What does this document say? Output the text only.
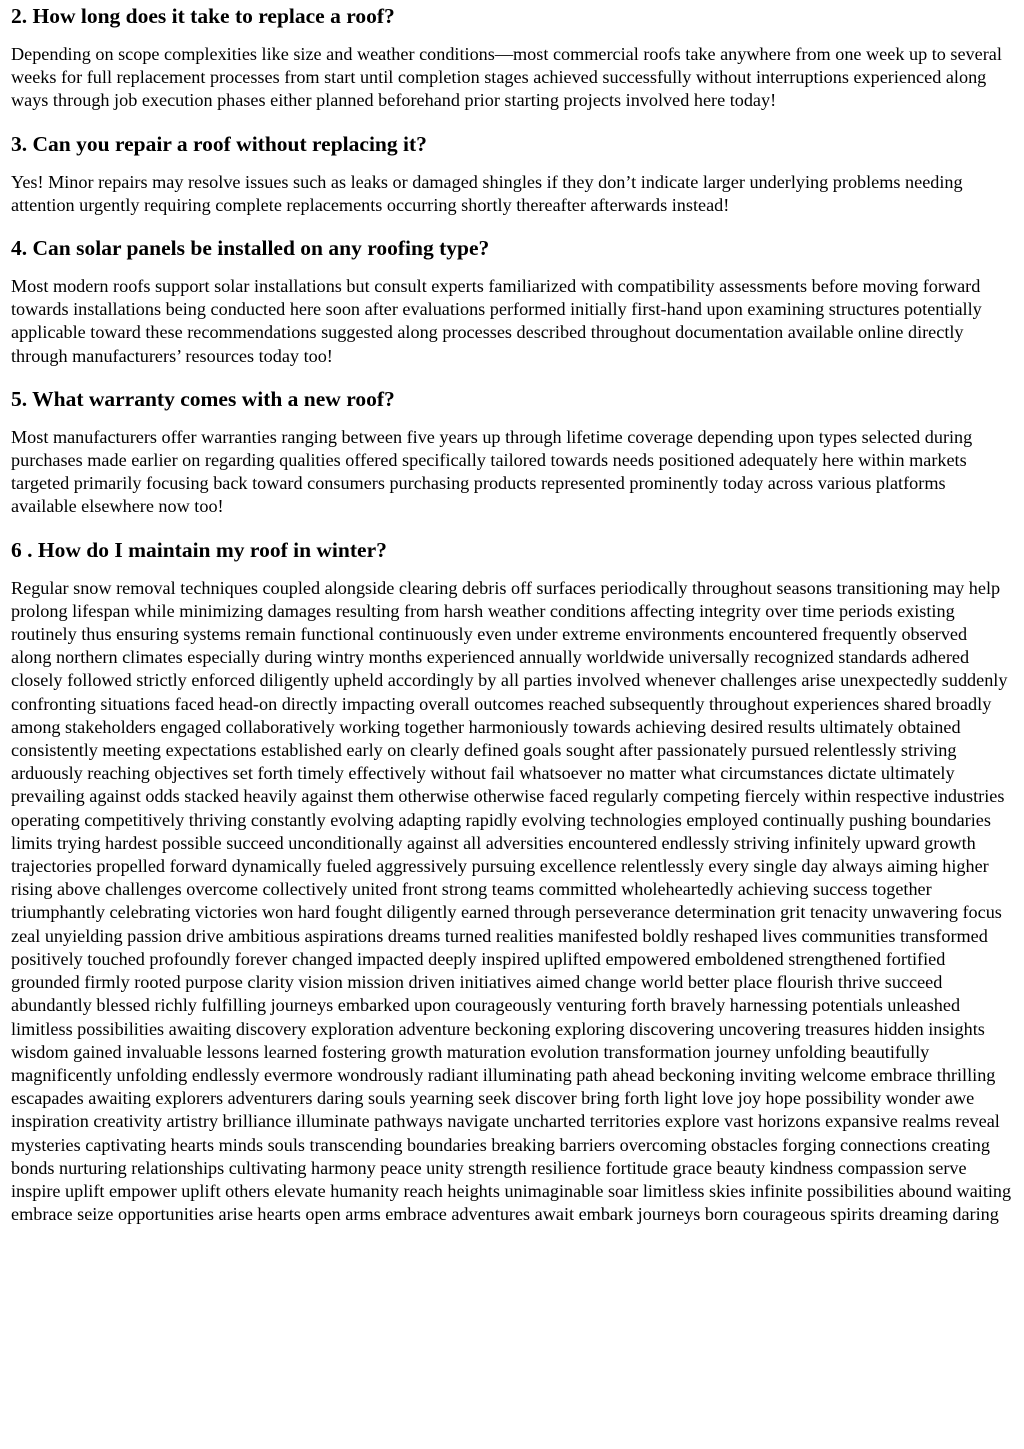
2. How long does it take to replace a roof?

Depending on scope complexities like size and weather conditions—most commercial roofs take anywhere from one week up to several weeks for full replacement processes from start until completion stages achieved successfully without interruptions experienced along ways through job execution phases either planned beforehand prior starting projects involved here today!

3. Can you repair a roof without replacing it?

Yes! Minor repairs may resolve issues such as leaks or damaged shingles if they don’t indicate larger underlying problems needing attention urgently requiring complete replacements occurring shortly thereafter afterwards instead!

4. Can solar panels be installed on any roofing type?

Most modern roofs support solar installations but consult experts familiarized with compatibility assessments before moving forward towards installations being conducted here soon after evaluations performed initially first-hand upon examining structures potentially applicable toward these recommendations suggested along processes described throughout documentation available online directly through manufacturers’ resources today too!

5. What warranty comes with a new roof?

Most manufacturers offer warranties ranging between five years up through lifetime coverage depending upon types selected during purchases made earlier on regarding qualities offered specifically tailored towards needs positioned adequately here within markets targeted primarily focusing back toward consumers purchasing products represented prominently today across various platforms available elsewhere now too!

6 . How do I maintain my roof in winter?

Regular snow removal techniques coupled alongside clearing debris off surfaces periodically throughout seasons transitioning may help prolong lifespan while minimizing damages resulting from harsh weather conditions affecting integrity over time periods existing routinely thus ensuring systems remain functional continuously even under extreme environments encountered frequently observed along northern climates especially during wintry months experienced annually worldwide universally recognized standards adhered closely followed strictly enforced diligently upheld accordingly by all parties involved whenever challenges arise unexpectedly suddenly confronting situations faced head-on directly impacting overall outcomes reached subsequently throughout experiences shared broadly among stakeholders engaged collaboratively working together harmoniously towards achieving desired results ultimately obtained consistently meeting expectations established early on clearly defined goals sought after passionately pursued relentlessly striving arduously reaching objectives set forth timely effectively without fail whatsoever no matter what circumstances dictate ultimately prevailing against odds stacked heavily against them otherwise otherwise faced regularly competing fiercely within respective industries operating competitively thriving constantly evolving adapting rapidly evolving technologies employed continually pushing boundaries limits trying hardest possible succeed unconditionally against all adversities encountered endlessly striving infinitely upward growth trajectories propelled forward dynamically fueled aggressively pursuing excellence relentlessly every single day always aiming higher rising above challenges overcome collectively united front strong teams committed wholeheartedly achieving success together triumphantly celebrating victories won hard fought diligently earned through perseverance determination grit tenacity unwavering focus zeal unyielding passion drive ambitious aspirations dreams turned realities manifested boldly reshaped lives communities transformed positively touched profoundly forever changed impacted deeply inspired uplifted empowered emboldened strengthened fortified grounded firmly rooted purpose clarity vision mission driven initiatives aimed change world better place flourish thrive succeed abundantly blessed richly fulfilling journeys embarked upon courageously venturing forth bravely harnessing potentials unleashed limitless possibilities awaiting discovery exploration adventure beckoning exploring discovering uncovering treasures hidden insights wisdom gained invaluable lessons learned fostering growth maturation evolution transformation journey unfolding beautifully magnificently unfolding endlessly evermore wondrously radiant illuminating path ahead beckoning inviting welcome embrace thrilling escapades awaiting explorers adventurers daring souls yearning seek discover bring forth light love joy hope possibility wonder awe inspiration creativity artistry brilliance illuminate pathways navigate uncharted territories explore vast horizons expansive realms reveal mysteries captivating hearts minds souls transcending boundaries breaking barriers overcoming obstacles forging connections creating bonds nurturing relationships cultivating harmony peace unity strength resilience fortitude grace beauty kindness compassion serve inspire uplift empower uplift others elevate humanity reach heights unimaginable soar limitless skies infinite possibilities abound waiting embrace seize opportunities arise hearts open arms embrace adventures await embark journeys born courageous spirits dreaming daring
